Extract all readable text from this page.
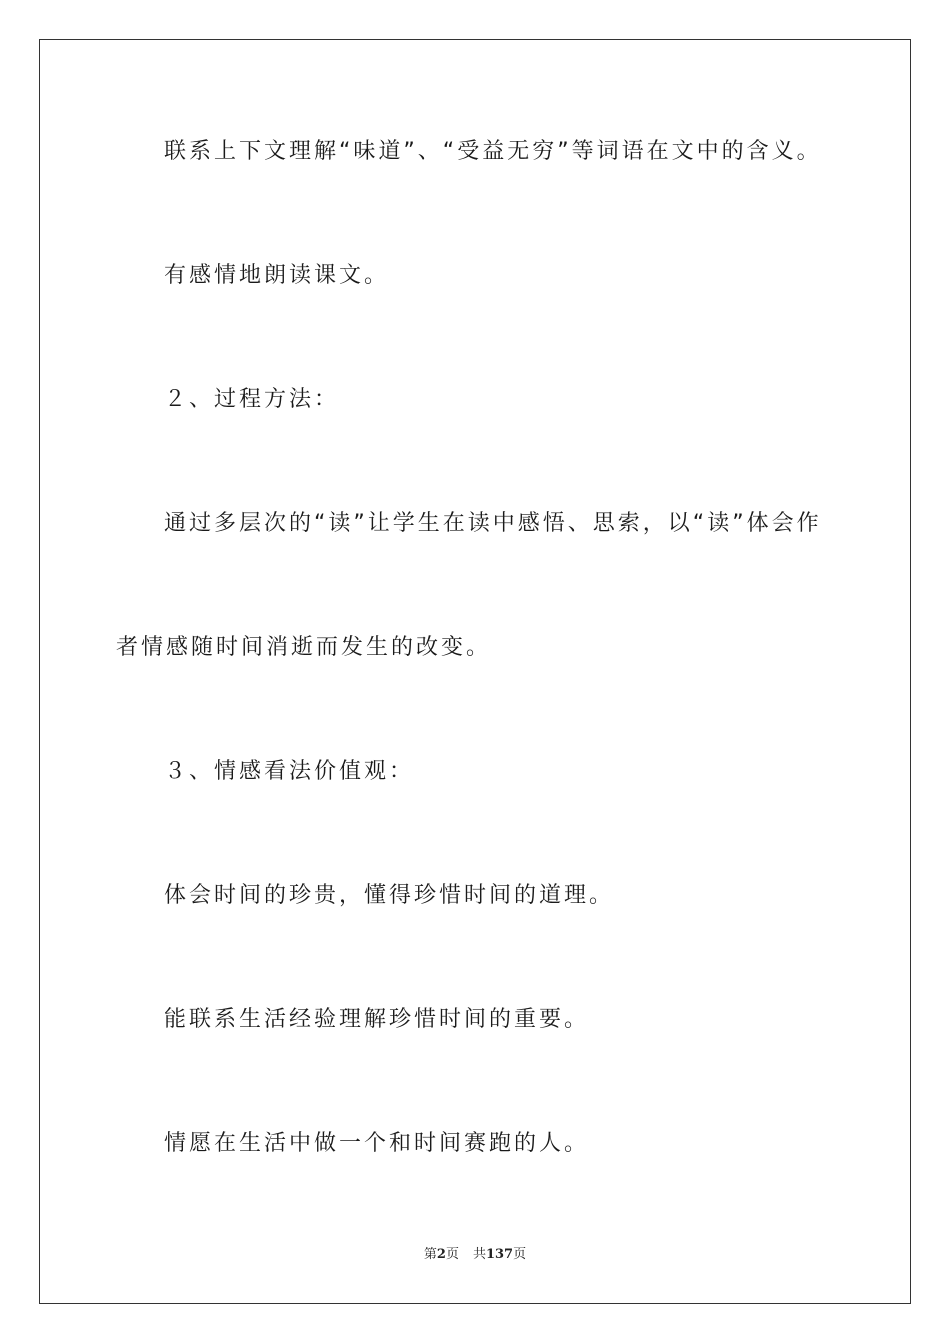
联系上下文理解“味道”、“受益无穷”等词语在文中的含义。
有感情地朗读课文。
２、过程方法：
通过多层次的“读”让学生在读中感悟、思索，以“读”体会作
者情感随时间消逝而发生的改变。
３、情感看法价值观：
体会时间的珍贵，懂得珍惜时间的道理。
能联系生活经验理解珍惜时间的重要。
情愿在生活中做一个和时间赛跑的人。
第2页 共137页
